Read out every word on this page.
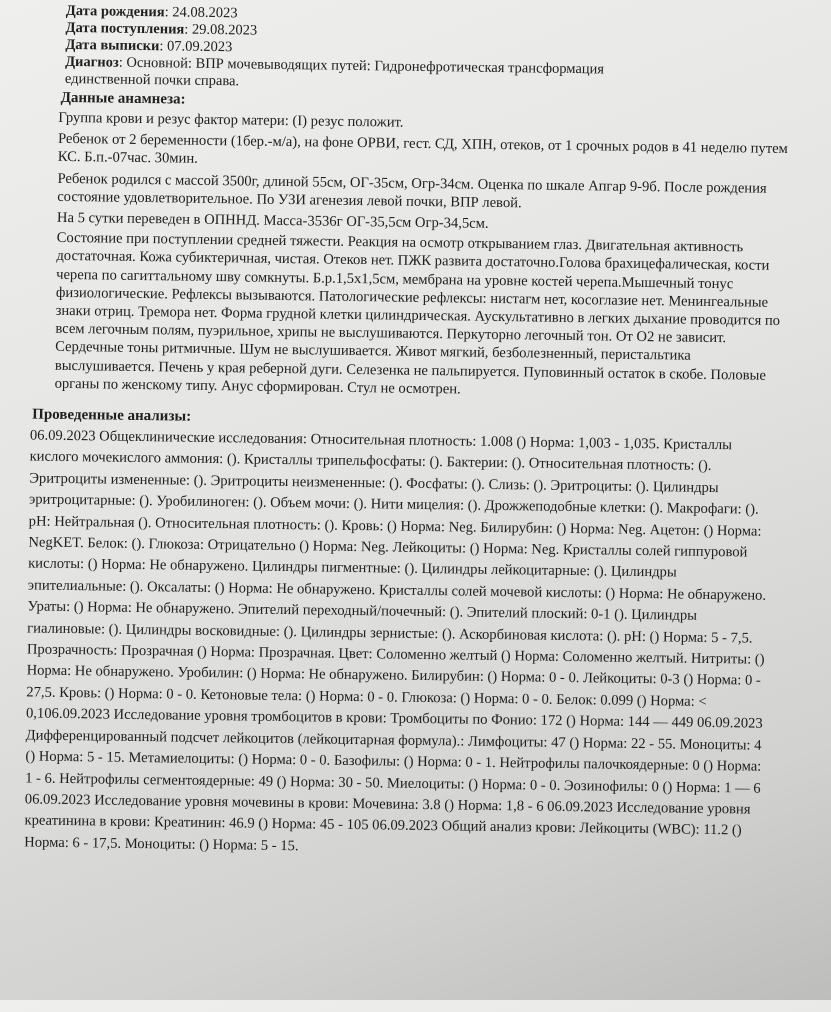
Дата рождения: 24.08.2023
Дата поступления: 29.08.2023
Дата выписки: 07.09.2023
Диагноз: Основной: ВПР мочевыводящих путей: Гидронефротическая трансформация
единственной почки справа.
Данные анамнеза:

Группа крови и резус фактор матери: (I) резус положит.

Ребенок от 2 беременности (1бер.-м/а), на фоне ОРВИ, гест. СД, ХПН, отеков, от 1 срочных родов в 41 неделю путем КС. Б.п.-07час. 30мин.

Ребенок родился с массой 3500г, длиной 55см, ОГ-35см, Огр-34см. Оценка по шкале Апгар 9-9б. После рождения состояние удовлетворительное. По УЗИ агенезия левой почки, ВПР левой.

На 5 сутки переведен в ОПННД. Масса-3536г ОГ-35,5см Огр-34,5см.

Состояние при поступлении средней тяжести. Реакция на осмотр открыванием глаз. Двигательная активность достаточная. Кожа субиктеричная, чистая. Отеков нет. ПЖК развита достаточно.Голова брахицефалическая, кости черепа по сагиттальному шву сомкнуты. Б.р.1,5х1,5см, мембрана на уровне костей черепа.Мышечный тонус физиологические. Рефлексы вызываются. Патологические рефлексы: нистагм нет, косоглазие нет. Менингеальные знаки отриц. Тремора нет. Форма грудной клетки цилиндрическая. Аускультативно в легких дыхание проводится по всем легочным полям, пуэрильное, хрипы не выслушиваются. Перкуторно легочный тон. От О2 не зависит. Сердечные тоны ритмичные. Шум не выслушивается. Живот мягкий, безболезненный, перистальтика выслушивается. Печень у края реберной дуги. Селезенка не пальпируется. Пуповинный остаток в скобе. Половые органы по женскому типу. Анус сформирован. Стул не осмотрен.

Проведенные анализы:

06.09.2023 Общеклинические исследования: Относительная плотность: 1.008 () Норма: 1,003 - 1,035. Кристаллы кислого мочекислого аммония: (). Кристаллы трипельфосфаты: (). Бактерии: (). Относительная плотность: (). Эритроциты измененные: (). Эритроциты неизмененные: (). Фосфаты: (). Слизь: (). Эритроциты: (). Цилиндры эритроцитарные: (). Уробилиноген: (). Объем мочи: (). Нити мицелия: (). Дрожжеподобные клетки: (). Макрофаги: (). pH: Нейтральная (). Относительная плотность: (). Кровь: () Норма: Neg. Билирубин: () Норма: Neg. Ацетон: () Норма: NegKET. Белок: (). Глюкоза: Отрицательно () Норма: Neg. Лейкоциты: () Норма: Neg. Кристаллы солей гиппуровой кислоты: () Норма: Не обнаружено. Цилиндры пигментные: (). Цилиндры лейкоцитарные: (). Цилиндры эпителиальные: (). Оксалаты: () Норма: Не обнаружено. Кристаллы солей мочевой кислоты: () Норма: Не обнаружено. Ураты: () Норма: Не обнаружено. Эпителий переходный/почечный: (). Эпителий плоский: 0-1 (). Цилиндры гиалиновые: (). Цилиндры восковидные: (). Цилиндры зернистые: (). Аскорбиновая кислота: (). pH: () Норма: 5 - 7,5. Прозрачность: Прозрачная () Норма: Прозрачная. Цвет: Соломенно желтый () Норма: Соломенно желтый. Нитриты: () Норма: Не обнаружено. Уробилин: () Норма: Не обнаружено. Билирубин: () Норма: 0 - 0. Лейкоциты: 0-3 () Норма: 0 - 27,5. Кровь: () Норма: 0 - 0. Кетоновые тела: () Норма: 0 - 0. Глюкоза: () Норма: 0 - 0. Белок: 0.099 () Норма: < 0,106.09.2023 Исследование уровня тромбоцитов в крови: Тромбоциты по Фонио: 172 () Норма: 144 — 449 06.09.2023 Дифференцированный подсчет лейкоцитов (лейкоцитарная формула).: Лимфоциты: 47 () Норма: 22 - 55. Моноциты: 4 () Норма: 5 - 15. Метамиелоциты: () Норма: 0 - 0. Базофилы: () Норма: 0 - 1. Нейтрофилы палочкоядерные: 0 () Норма: 1 - 6. Нейтрофилы сегментоядерные: 49 () Норма: 30 - 50. Миелоциты: () Норма: 0 - 0. Эозинофилы: 0 () Норма: 1 — 6 06.09.2023 Исследование уровня мочевины в крови: Мочевина: 3.8 () Норма: 1,8 - 6 06.09.2023 Исследование уровня креатинина в крови: Креатинин: 46.9 () Норма: 45 - 105 06.09.2023 Общий анализ крови: Лейкоциты (WBC): 11.2 () Норма: 6 - 17,5. Моноциты: () Норма: 5 - 15.
